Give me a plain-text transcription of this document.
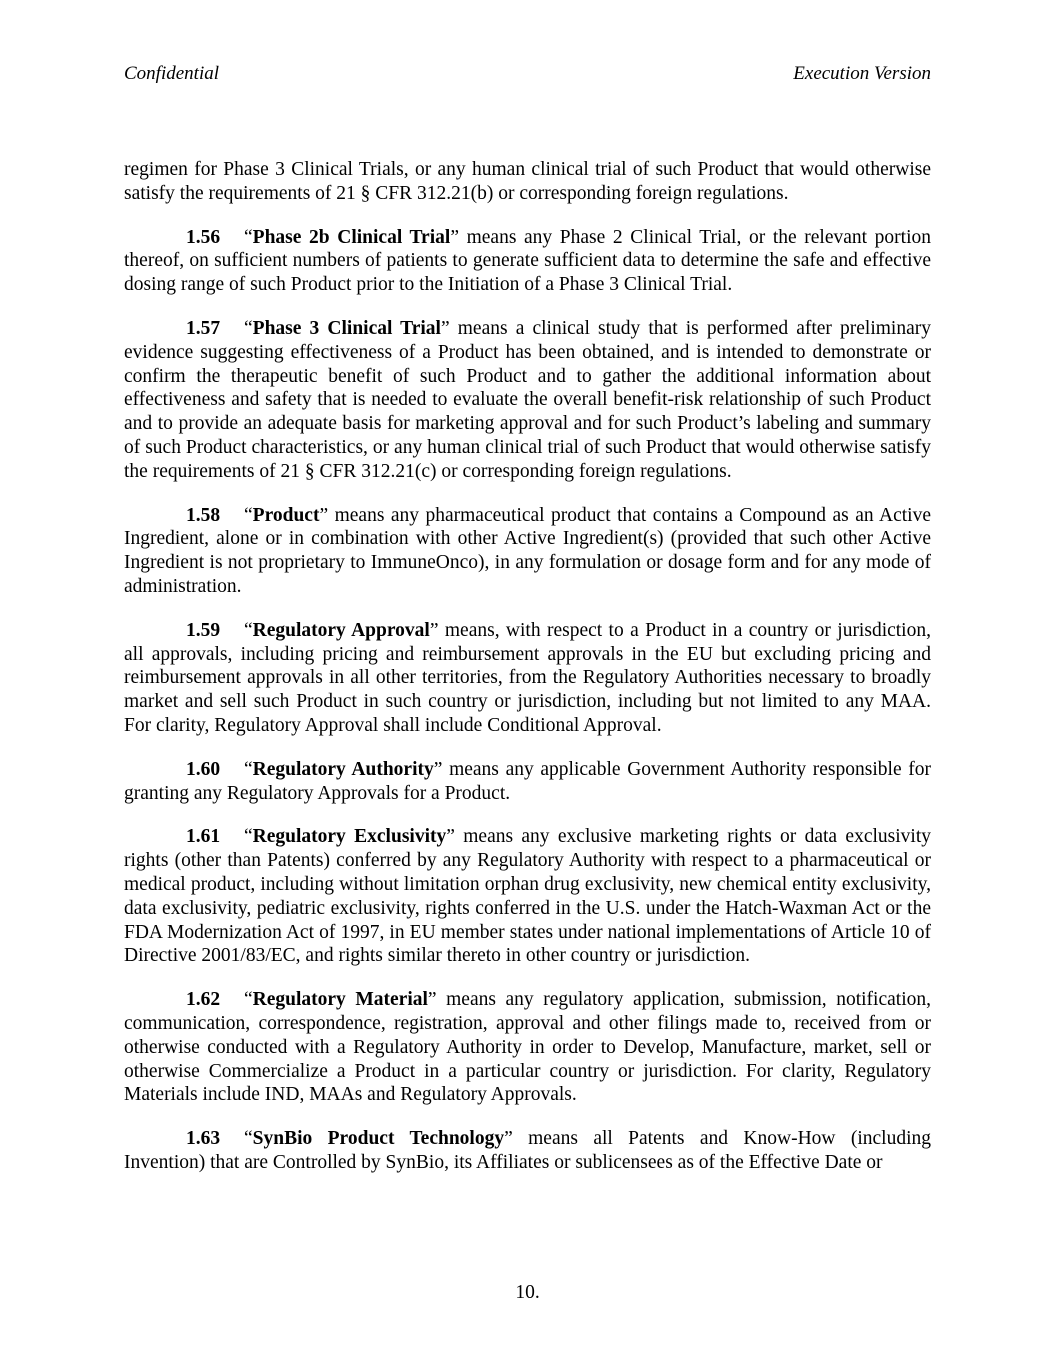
Confidential	Execution Version

regimen for Phase 3 Clinical Trials, or any human clinical trial of such Product that would otherwise satisfy the requirements of 21 § CFR 312.21(b) or corresponding foreign regulations.

1.56 “Phase 2b Clinical Trial” means any Phase 2 Clinical Trial, or the relevant portion thereof, on sufficient numbers of patients to generate sufficient data to determine the safe and effective dosing range of such Product prior to the Initiation of a Phase 3 Clinical Trial.

1.57 “Phase 3 Clinical Trial” means a clinical study that is performed after preliminary evidence suggesting effectiveness of a Product has been obtained, and is intended to demonstrate or confirm the therapeutic benefit of such Product and to gather the additional information about effectiveness and safety that is needed to evaluate the overall benefit-risk relationship of such Product and to provide an adequate basis for marketing approval and for such Product’s labeling and summary of such Product characteristics, or any human clinical trial of such Product that would otherwise satisfy the requirements of 21 § CFR 312.21(c) or corresponding foreign regulations.

1.58 “Product” means any pharmaceutical product that contains a Compound as an Active Ingredient, alone or in combination with other Active Ingredient(s) (provided that such other Active Ingredient is not proprietary to ImmuneOnco), in any formulation or dosage form and for any mode of administration.

1.59 “Regulatory Approval” means, with respect to a Product in a country or jurisdiction, all approvals, including pricing and reimbursement approvals in the EU but excluding pricing and reimbursement approvals in all other territories, from the Regulatory Authorities necessary to broadly market and sell such Product in such country or jurisdiction, including but not limited to any MAA. For clarity, Regulatory Approval shall include Conditional Approval.

1.60 “Regulatory Authority” means any applicable Government Authority responsible for granting any Regulatory Approvals for a Product.

1.61 “Regulatory Exclusivity” means any exclusive marketing rights or data exclusivity rights (other than Patents) conferred by any Regulatory Authority with respect to a pharmaceutical or medical product, including without limitation orphan drug exclusivity, new chemical entity exclusivity, data exclusivity, pediatric exclusivity, rights conferred in the U.S. under the Hatch-Waxman Act or the FDA Modernization Act of 1997, in EU member states under national implementations of Article 10 of Directive 2001/83/EC, and rights similar thereto in other country or jurisdiction.

1.62 “Regulatory Material” means any regulatory application, submission, notification, communication, correspondence, registration, approval and other filings made to, received from or otherwise conducted with a Regulatory Authority in order to Develop, Manufacture, market, sell or otherwise Commercialize a Product in a particular country or jurisdiction. For clarity, Regulatory Materials include IND, MAAs and Regulatory Approvals.

1.63 “SynBio Product Technology” means all Patents and Know-How (including Invention) that are Controlled by SynBio, its Affiliates or sublicensees as of the Effective Date or

10.
